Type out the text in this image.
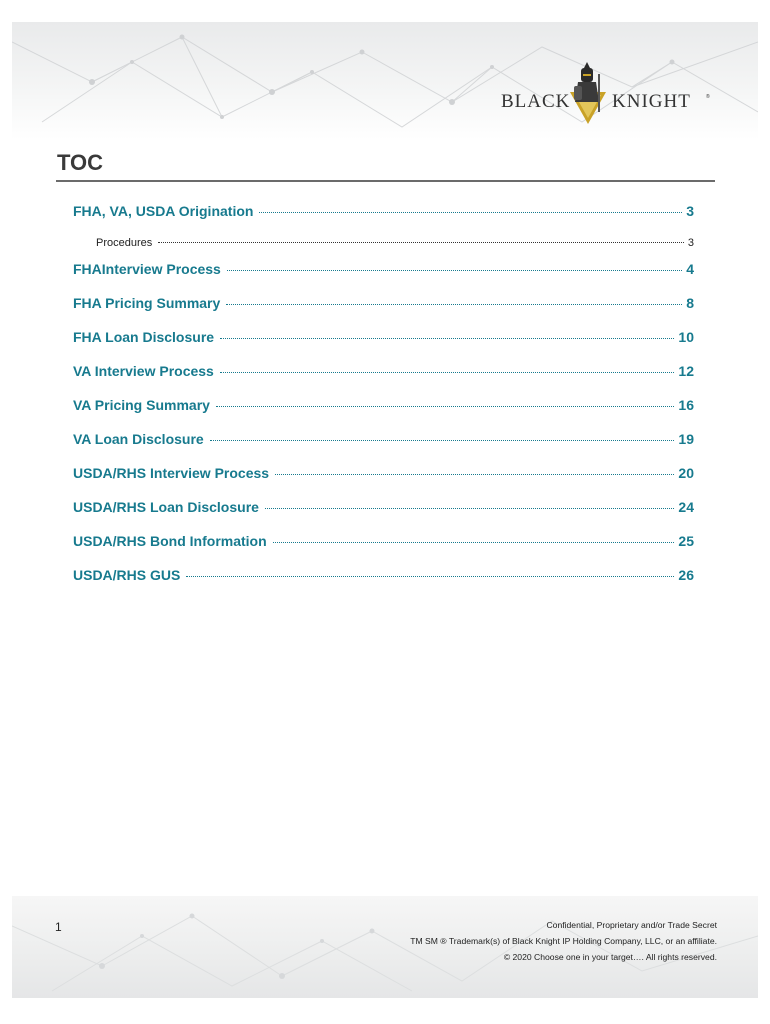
BLACK KNIGHT	®
TOC
FHA, VA, USDA Origination	3
Procedures	3
FHAInterview Process	4
FHA Pricing Summary	8
FHA Loan Disclosure	10
VA Interview Process	12
VA Pricing Summary	16
VA Loan Disclosure	19
USDA/RHS Interview Process	20
USDA/RHS Loan Disclosure	24
USDA/RHS Bond Information	25
USDA/RHS GUS	26
1	Confidential, Proprietary and/or Trade Secret
TM SM ® Trademark(s) of Black Knight IP Holding Company, LLC, or an affiliate.
© 2020 Choose one in your target…. All rights reserved.
